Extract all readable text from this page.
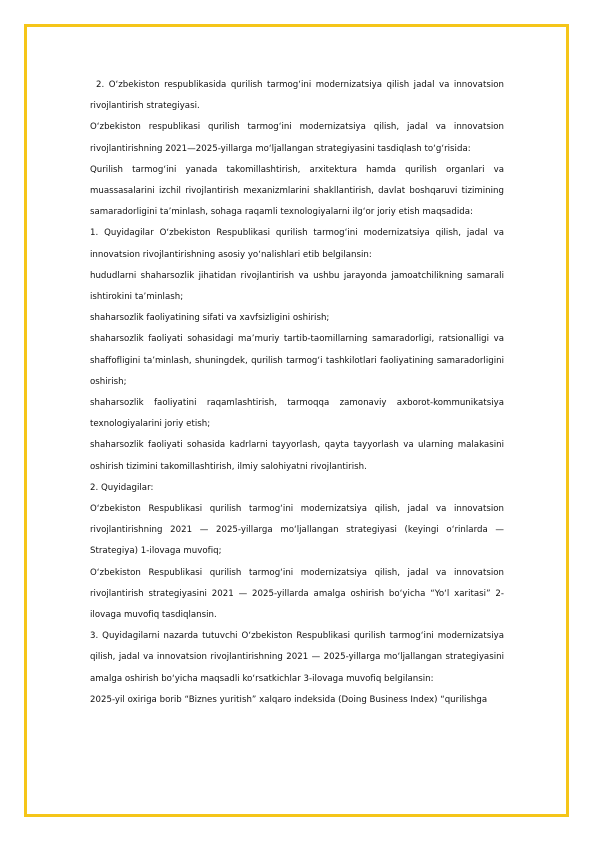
2. O‘zbekiston respublikasida qurilish tarmog‘ini modernizatsiya qilish jadal va innovatsion rivojlantirish strategiyasi.

O‘zbekiston respublikasi qurilish tarmog‘ini modernizatsiya qilish, jadal va innovatsion rivojlantirishning 2021—2025-yillarga mo‘ljallangan strategiyasini tasdiqlash to‘g‘risida:

Qurilish tarmog‘ini yanada takomillashtirish, arxitektura hamda qurilish organlari va muassasalarini izchil rivojlantirish mexanizmlarini shakllantirish, davlat boshqaruvi tizimining samaradorligini ta’minlash, sohaga raqamli texnologiyalarni ilg‘or joriy etish maqsadida:

1. Quyidagilar O‘zbekiston Respublikasi qurilish tarmog‘ini modernizatsiya qilish, jadal va innovatsion rivojlantirishning asosiy yo‘nalishlari etib belgilansin:

hududlarni shaharsozlik jihatidan rivojlantirish va ushbu jarayonda jamoatchilikning samarali ishtirokini ta’minlash;

shaharsozlik faoliyatining sifati va xavfsizligini oshirish;

shaharsozlik faoliyati sohasidagi ma’muriy tartib-taomillarning samaradorligi, ratsionalligi va shaffofligini ta’minlash, shuningdek, qurilish tarmog‘i tashkilotlari faoliyatining samaradorligini oshirish;

shaharsozlik faoliyatini raqamlashtirish, tarmoqqa zamonaviy axborot-kommunikatsiya texnologiyalarini joriy etish;

shaharsozlik faoliyati sohasida kadrlarni tayyorlash, qayta tayyorlash va ularning malakasini oshirish tizimini takomillashtirish, ilmiy salohiyatni rivojlantirish.

2. Quyidagilar:

O‘zbekiston Respublikasi qurilish tarmog‘ini modernizatsiya qilish, jadal va innovatsion rivojlantirishning 2021 — 2025-yillarga mo‘ljallangan strategiyasi (keyingi o‘rinlarda — Strategiya) 1-ilovaga muvofiq;

O‘zbekiston Respublikasi qurilish tarmog‘ini modernizatsiya qilish, jadal va innovatsion rivojlantirish strategiyasini 2021 — 2025-yillarda amalga oshirish bo‘yicha “Yo‘l xaritasi” 2-ilovaga muvofiq tasdiqlansin.

3. Quyidagilarni nazarda tutuvchi O‘zbekiston Respublikasi qurilish tarmog‘ini modernizatsiya qilish, jadal va innovatsion rivojlantirishning 2021 — 2025-yillarga mo‘ljallangan strategiyasini amalga oshirish bo‘yicha maqsadli ko‘rsatkichlar 3-ilovaga muvofiq belgilansin:

2025-yil oxiriga borib “Biznes yuritish” xalqaro indeksida (Doing Business Index) “qurilishga
